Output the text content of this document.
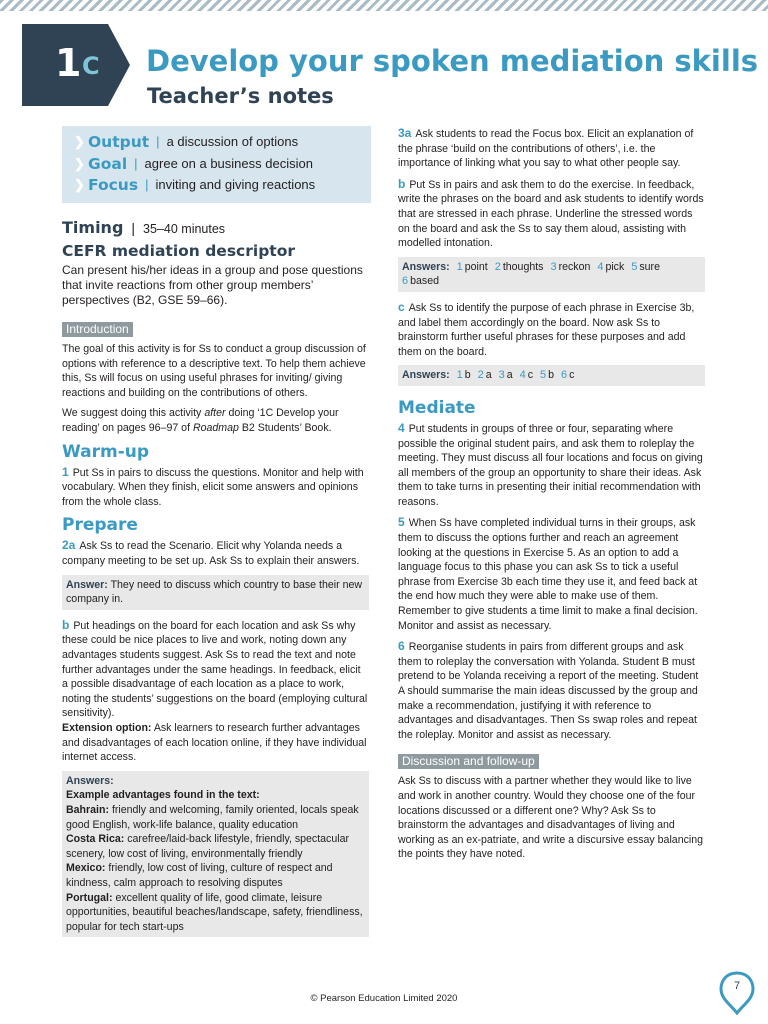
1 C Develop your spoken mediation skills
Teacher’s notes
❯ Output | a discussion of options
❯ Goal | agree on a business decision
❯ Focus | inviting and giving reactions
Timing | 35–40 minutes
CEFR mediation descriptor
Can present his/her ideas in a group and pose questions that invite reactions from other group members’ perspectives (B2, GSE 59–66).
Introduction

The goal of this activity is for Ss to conduct a group discussion of options with reference to a descriptive text. To help them achieve this, Ss will focus on using useful phrases for inviting/ giving reactions and building on the contributions of others.

We suggest doing this activity after doing ‘1C Develop your reading’ on pages 96–97 of Roadmap B2 Students’ Book.

Warm-up

1 Put Ss in pairs to discuss the questions. Monitor and help with vocabulary. When they finish, elicit some answers and opinions from the whole class.

Prepare

2a Ask Ss to read the Scenario. Elicit why Yolanda needs a company meeting to be set up. Ask Ss to explain their answers.

Answer: They need to discuss which country to base their new company in.

b Put headings on the board for each location and ask Ss why these could be nice places to live and work, noting down any advantages students suggest. Ask Ss to read the text and note further advantages under the same headings. In feedback, elicit a possible disadvantage of each location as a place to work, noting the students’ suggestions on the board (employing cultural sensitivity).

Extension option: Ask learners to research further advantages and disadvantages of each location online, if they have individual internet access.

Answers:
Example advantages found in the text:
Bahrain: friendly and welcoming, family oriented, locals speak good English, work-life balance, quality education
Costa Rica: carefree/laid-back lifestyle, friendly, spectacular scenery, low cost of living, environmentally friendly
Mexico: friendly, low cost of living, culture of respect and kindness, calm approach to resolving disputes
Portugal: excellent quality of life, good climate, leisure opportunities, beautiful beaches/landscape, safety, friendliness, popular for tech start-ups

3a Ask students to read the Focus box. Elicit an explanation of the phrase ‘build on the contributions of others’, i.e. the importance of linking what you say to what other people say.

b Put Ss in pairs and ask them to do the exercise. In feedback, write the phrases on the board and ask students to identify words that are stressed in each phrase. Underline the stressed words on the board and ask the Ss to say them aloud, assisting with modelled intonation.

Answers: 1 point 2 thoughts 3 reckon 4 pick 5 sure
6 based

c Ask Ss to identify the purpose of each phrase in Exercise 3b, and label them accordingly on the board. Now ask Ss to brainstorm further useful phrases for these purposes and add them on the board.

Answers: 1 b 2 a 3 a 4 c 5 b 6 c
Mediate

4 Put students in groups of three or four, separating where possible the original student pairs, and ask them to roleplay the meeting. They must discuss all four locations and focus on giving all members of the group an opportunity to share their ideas. Ask them to take turns in presenting their initial recommendation with reasons.

5 When Ss have completed individual turns in their groups, ask them to discuss the options further and reach an agreement looking at the questions in Exercise 5. As an option to add a language focus to this phase you can ask Ss to tick a useful phrase from Exercise 3b each time they use it, and feed back at the end how much they were able to make use of them. Remember to give students a time limit to make a final decision. Monitor and assist as necessary.

6 Reorganise students in pairs from different groups and ask them to roleplay the conversation with Yolanda. Student B must pretend to be Yolanda receiving a report of the meeting. Student A should summarise the main ideas discussed by the group and make a recommendation, justifying it with reference to advantages and disadvantages. Then Ss swap roles and repeat the roleplay. Monitor and assist as necessary.

Discussion and follow-up

Ask Ss to discuss with a partner whether they would like to live and work in another country. Would they choose one of the four locations discussed or a different one? Why? Ask Ss to brainstorm the advantages and disadvantages of living and working as an ex-patriate, and write a discursive essay balancing the points they have noted.

© Pearson Education Limited 2020
7
